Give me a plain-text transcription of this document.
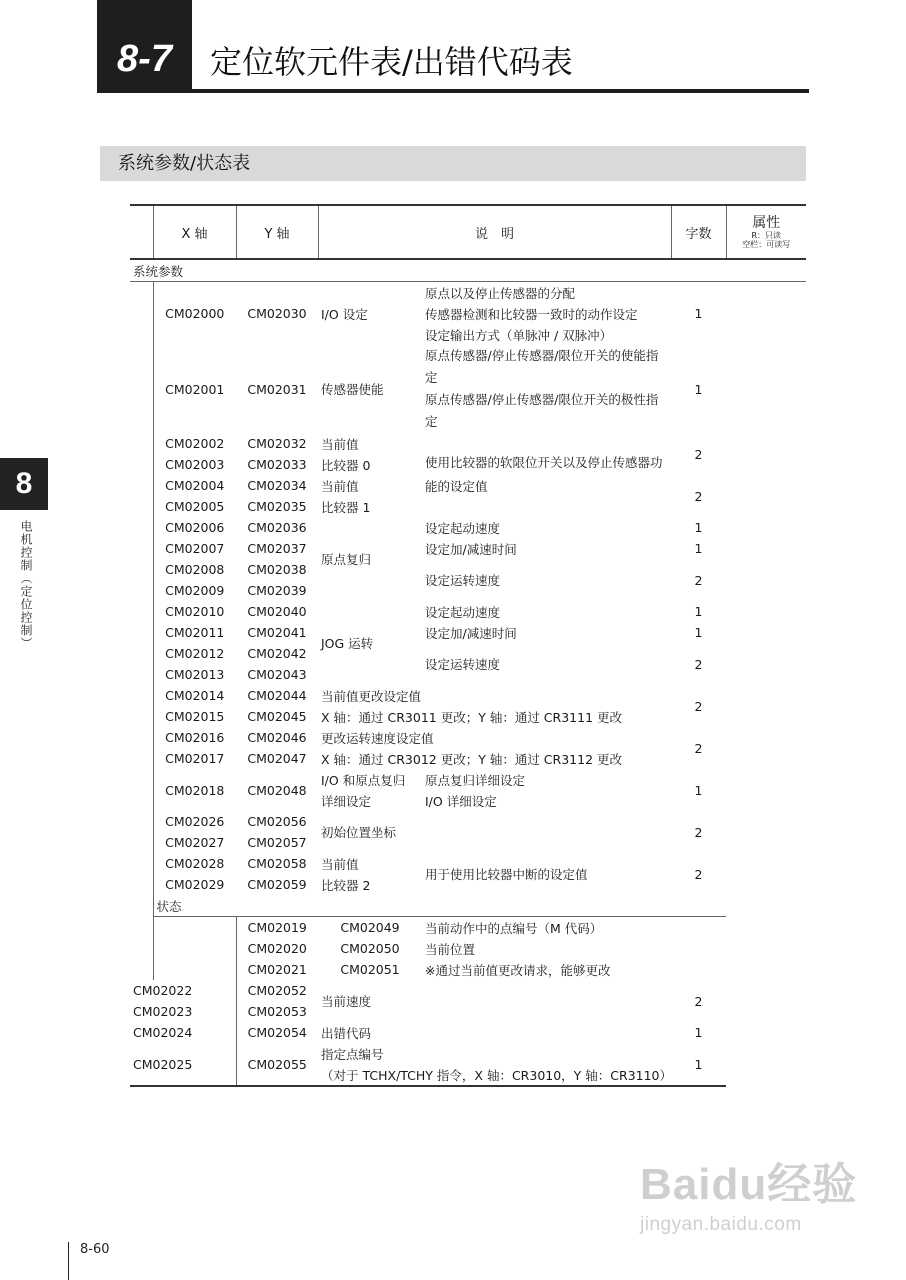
8-7	定位软元件表/出错代码表
系统参数/状态表
8
电机控制（定位控制）
	X 轴	Y 轴	说　明		字数	属性
R：只读
空栏：可读写	

系统参数							
	CM02000	CM02030	I/O 设定	原点以及停止传感器的分配	1		
				传感器检测和比较器一致时的动作设定			
				设定输出方式（单脉冲 / 双脉冲）			
	CM02001	CM02031	传感器使能	原点传感器/停止传感器/限位开关的使能指定	1		
				原点传感器/停止传感器/限位开关的极性指定			
	CM02002	CM02032	当前值	使用比较器的软限位开关以及停止传感器功能的设定值	2		
	CM02003	CM02033	比较器 0				
	CM02004	CM02034	当前值		2		
	CM02005	CM02035	比较器 1				
	CM02006	CM02036	原点复归	设定起动速度	1		
	CM02007	CM02037		设定加/减速时间	1		
	CM02008	CM02038		设定运转速度	2		
	CM02009	CM02039					
	CM02010	CM02040	JOG 运转	设定起动速度	1		
	CM02011	CM02041		设定加/减速时间	1		
	CM02012	CM02042		设定运转速度	2		
	CM02013	CM02043					
	CM02014	CM02044	当前值更改设定值		2		
	CM02015	CM02045	X 轴：通过 CR3011 更改；Y 轴：通过 CR3111 更改				
	CM02016	CM02046	更改运转速度设定值		2		
	CM02017	CM02047	X 轴：通过 CR3012 更改；Y 轴：通过 CR3112 更改				
	CM02018	CM02048	I/O 和原点复归	原点复归详细设定	1		
			详细设定	I/O 详细设定			
	CM02026	CM02056	初始位置坐标		2		
	CM02027	CM02057					
	CM02028	CM02058	当前值	用于使用比较器中断的设定值	2		
	CM02029	CM02059	比较器 2				
	状态						
		CM02019	CM02049	当前动作中的点编号（M 代码）		
		CM02020	CM02050	当前位置	
		CM02021	CM02051	※通过当前值更改请求，能够更改			
CM02022		CM02052	当前速度		2		
CM02023		CM02053					
CM02024		CM02054	出错代码		1		
CM02025		CM02055	指定点编号		1		
			（对于 TCHX/TCHY 指令，X 轴：CR3010，Y 轴：CR3110）				
Baidu经验
jingyan.baidu.com
8-60
